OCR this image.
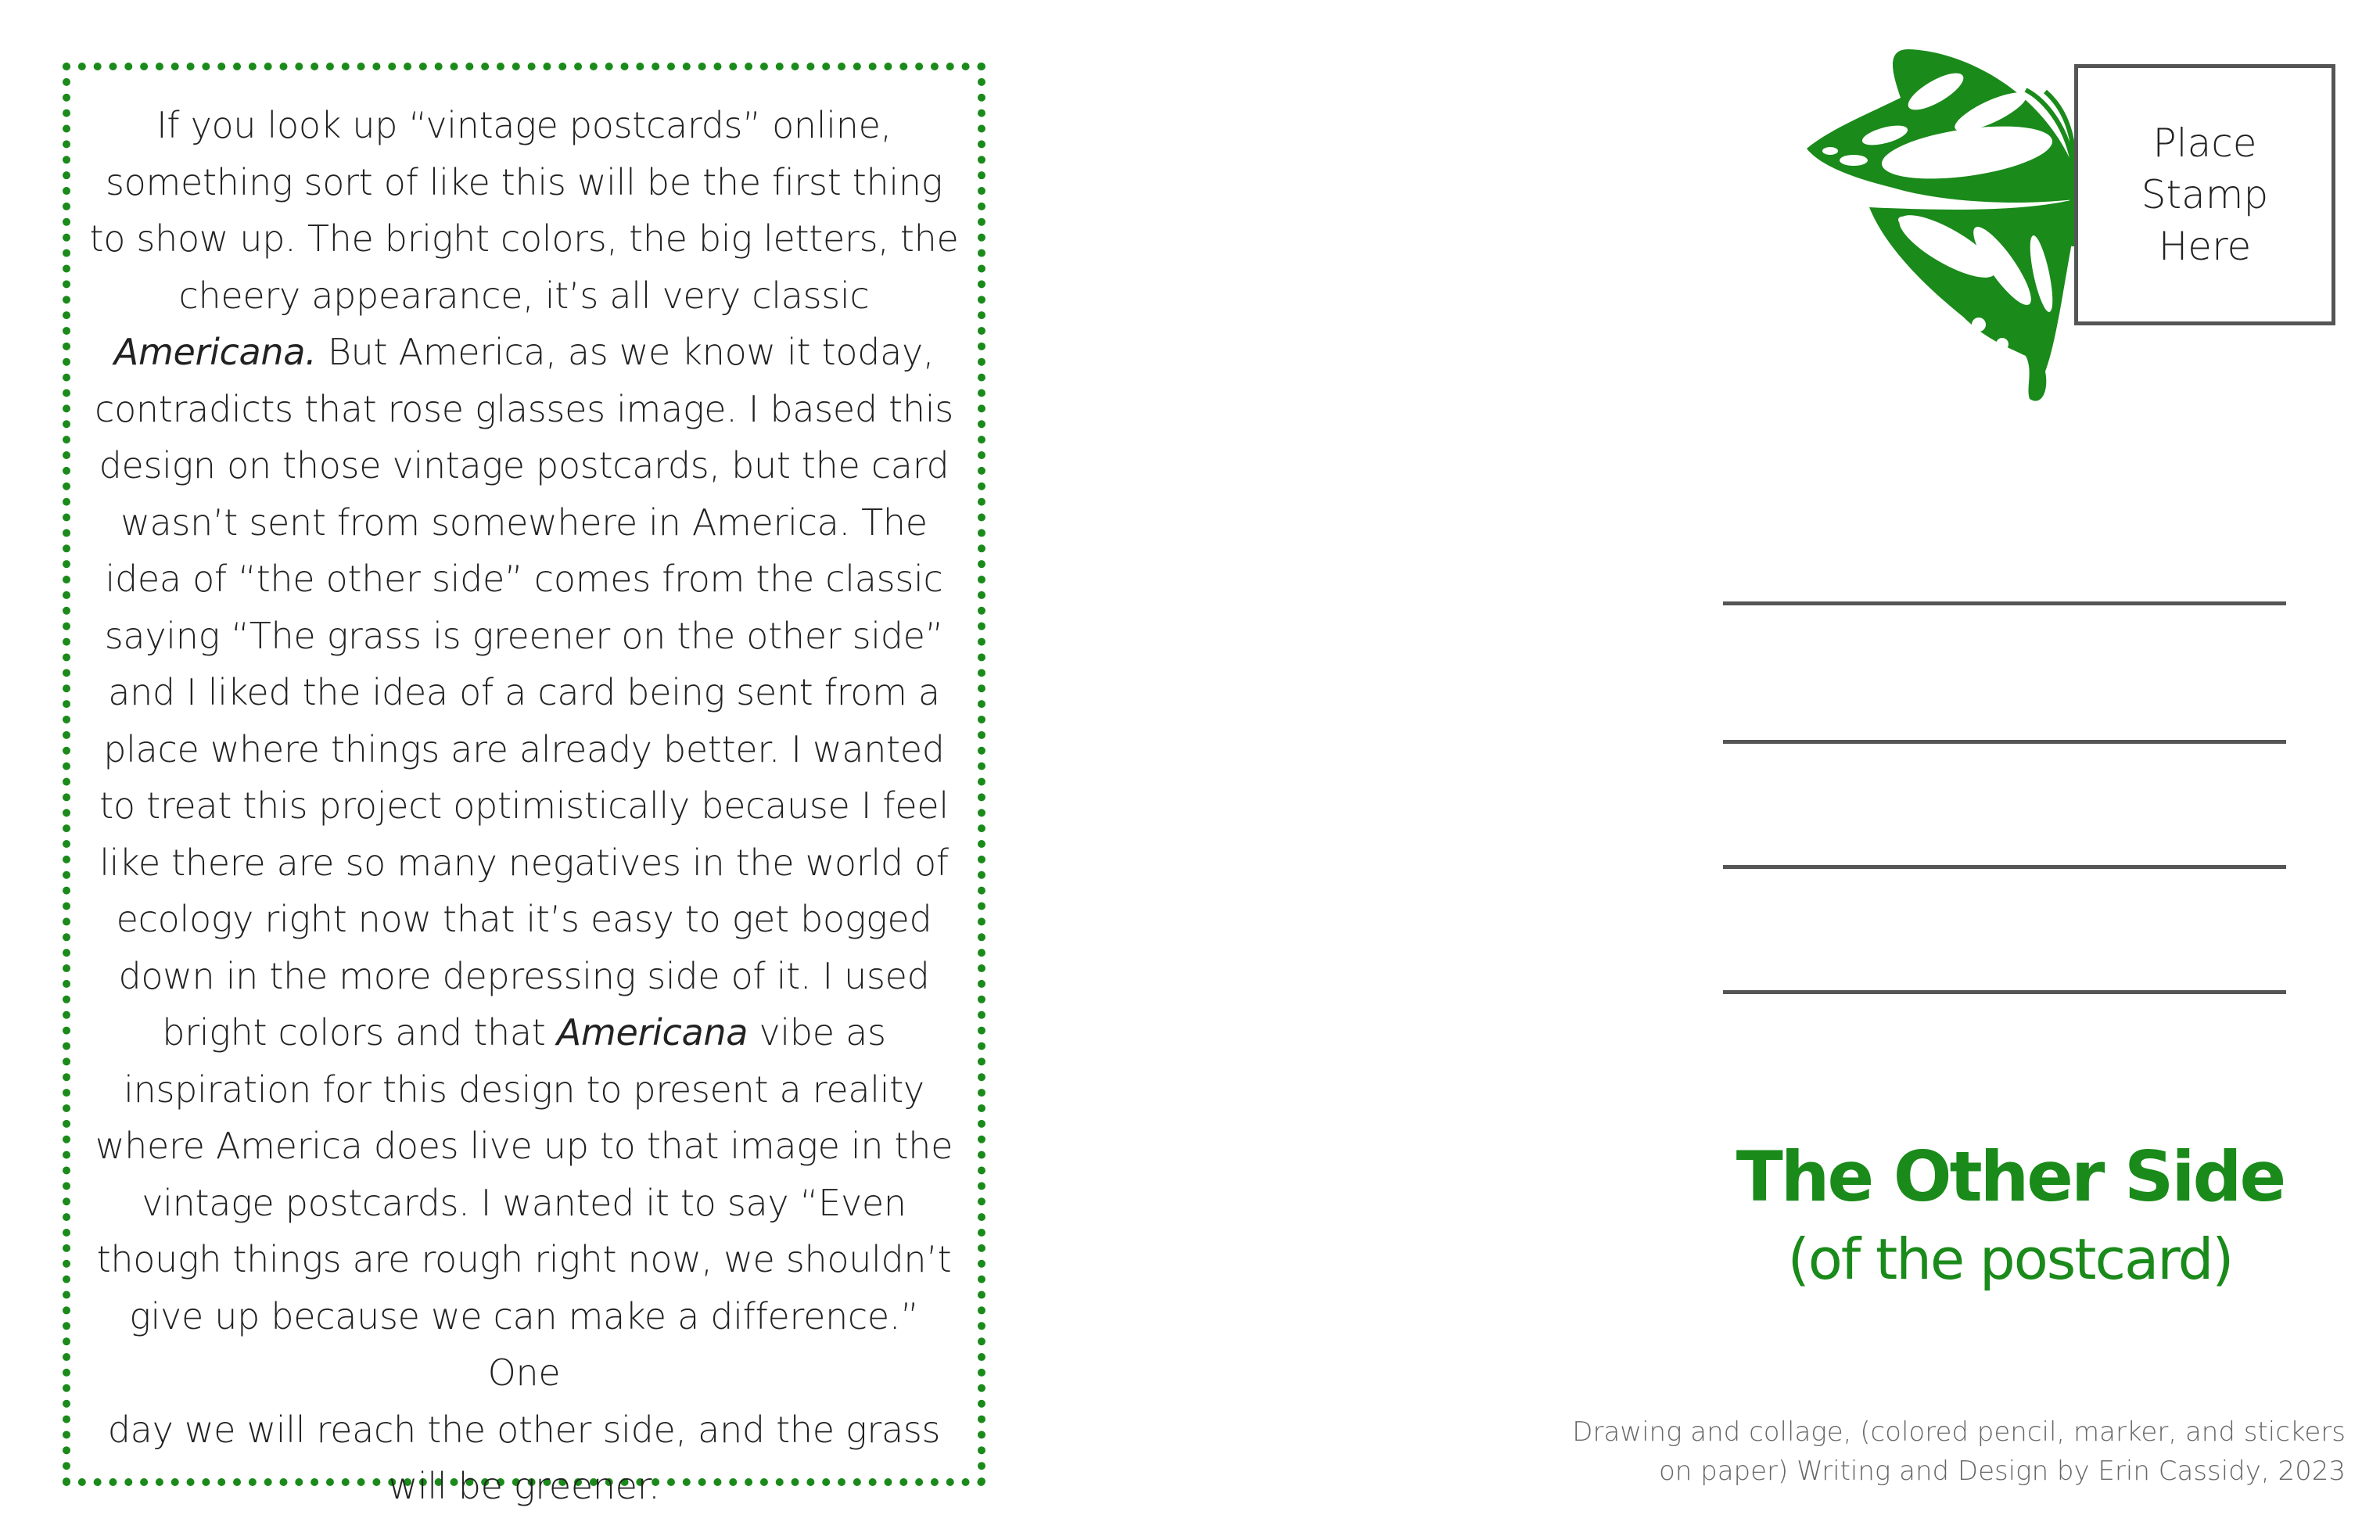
If you look up “vintage postcards” online,
something sort of like this will be the first thing
to show up. The bright colors, the big letters, the
cheery appearance, it’s all very classic
Americana. But America, as we know it today,
contradicts that rose glasses image. I based this
design on those vintage postcards, but the card
wasn’t sent from somewhere in America. The
idea of “the other side” comes from the classic
saying “The grass is greener on the other side”
and I liked the idea of a card being sent from a
place where things are already better. I wanted
to treat this project optimistically because I feel
like there are so many negatives in the world of
ecology right now that it’s easy to get bogged
down in the more depressing side of it. I used
bright colors and that Americana vibe as
inspiration for this design to present a reality
where America does live up to that image in the
vintage postcards. I wanted it to say “Even
though things are rough right now, we shouldn’t
give up because we can make a difference.” One
day we will reach the other side, and the grass
will be greener.

Place
Stamp
Here
The Other Side
(of the postcard)
Drawing and collage, (colored pencil, marker, and stickers
on paper) Writing and Design by Erin Cassidy, 2023
